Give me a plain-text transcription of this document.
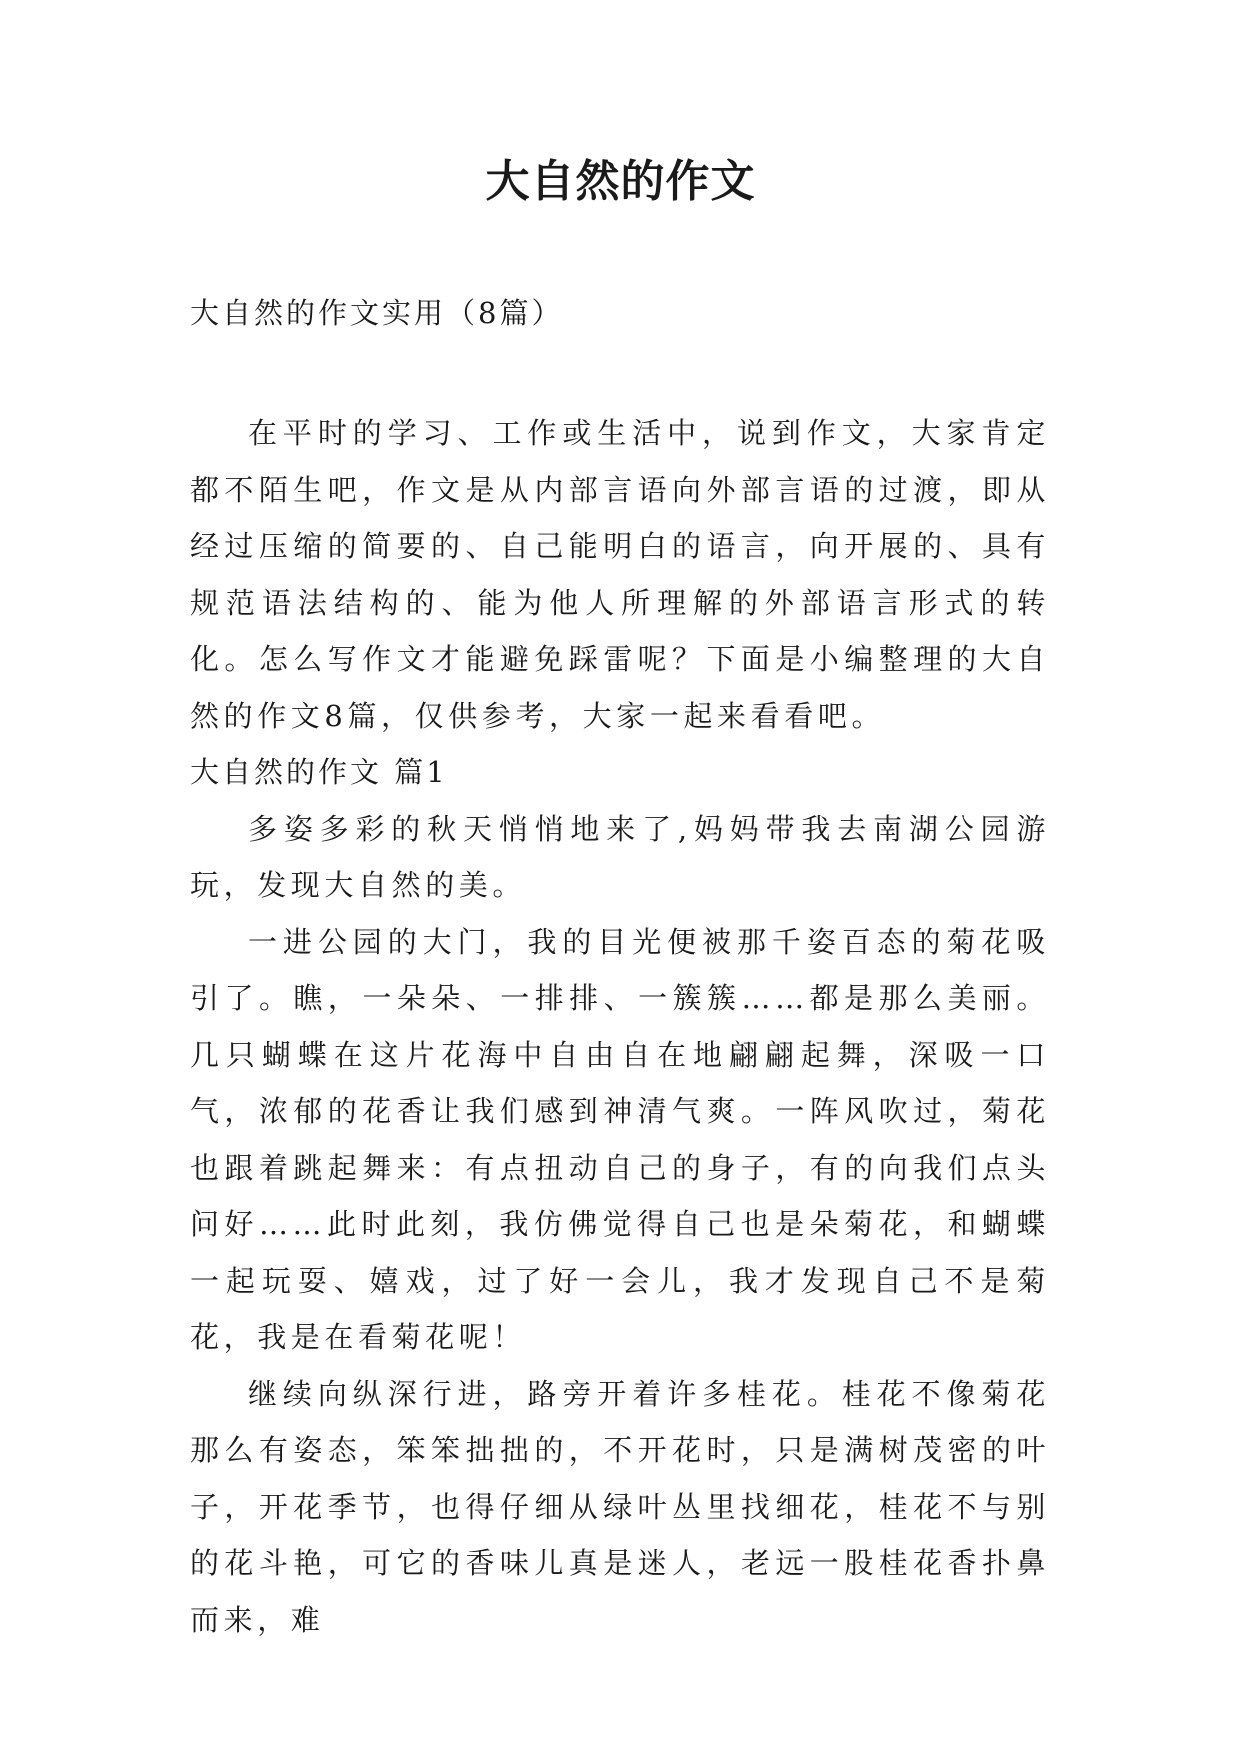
大自然的作文

大自然的作文实用（8篇）

在平时的学习、工作或生活中，说到作文，大家肯定都不陌生吧，作文是从内部言语向外部言语的过渡，即从经过压缩的简要的、自己能明白的语言，向开展的、具有规范语法结构的、能为他人所理解的外部语言形式的转化。怎么写作文才能避免踩雷呢？下面是小编整理的大自然的作文8篇，仅供参考，大家一起来看看吧。

大自然的作文 篇1

多姿多彩的秋天悄悄地来了,妈妈带我去南湖公园游玩，发现大自然的美。

一进公园的大门，我的目光便被那千姿百态的菊花吸引了。瞧，一朵朵、一排排、一簇簇……都是那么美丽。几只蝴蝶在这片花海中自由自在地翩翩起舞，深吸一口气，浓郁的花香让我们感到神清气爽。一阵风吹过，菊花也跟着跳起舞来：有点扭动自己的身子，有的向我们点头问好……此时此刻，我仿佛觉得自己也是朵菊花，和蝴蝶一起玩耍、嬉戏，过了好一会儿，我才发现自己不是菊花，我是在看菊花呢！

继续向纵深行进，路旁开着许多桂花。桂花不像菊花那么有姿态，笨笨拙拙的，不开花时，只是满树茂密的叶子，开花季节，也得仔细从绿叶丛里找细花，桂花不与别的花斗艳，可它的香味儿真是迷人，老远一股桂花香扑鼻而来，难
